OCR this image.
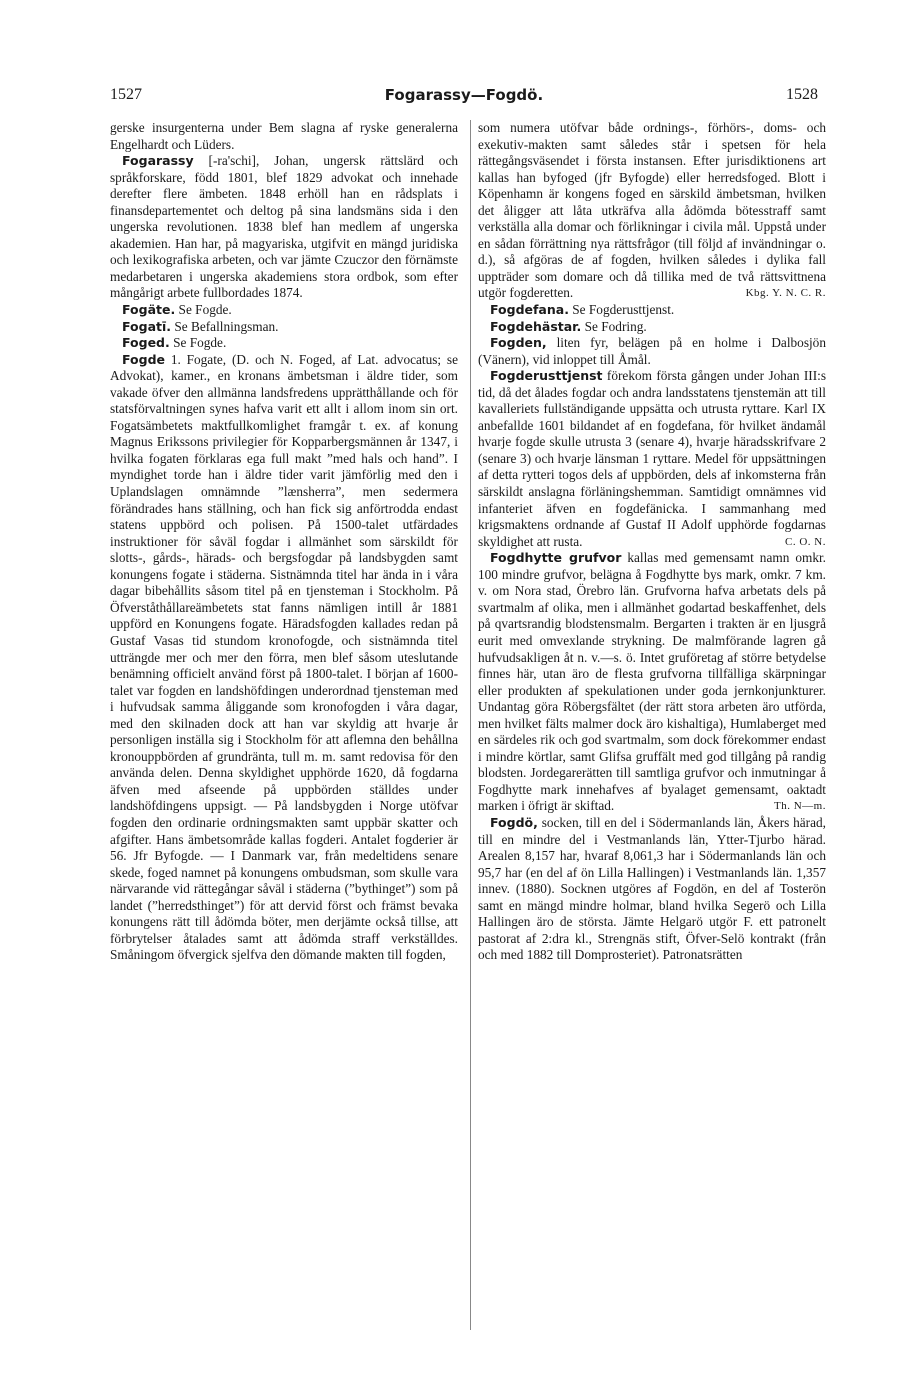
1527	Fogarassy—Fogdö.	1528

gerske insurgenterna under Bem slagna af ryske generalerna Engelhardt och Lüders.

Fogarassy [-ra'schi], Johan, ungersk rättslärd och språkforskare, född 1801, blef 1829 advokat och innehade derefter flere ämbeten. 1848 erhöll han en rådsplats i finansdepartementet och deltog på sina landsmäns sida i den ungerska revolutionen. 1838 blef han medlem af ungerska akademien. Han har, på magyariska, utgifvit en mängd juridiska och lexikografiska arbeten, och var jämte Czuczor den förnämste medarbetaren i ungerska akademiens stora ordbok, som efter mångårigt arbete fullbordades 1874.

Fogäte. Se Fogde.

Fogatī. Se Befallningsman.

Foged. Se Fogde.

Fogde 1. Fogate, (D. och N. Foged, af Lat. advocatus; se Advokat), kamer., en kronans ämbetsman i äldre tider, som vakade öfver den allmänna landsfredens upprätthållande och för statsförvaltningen synes hafva varit ett allt i allom inom sin ort. Fogatsämbetets maktfullkomlighet framgår t. ex. af konung Magnus Erikssons privilegier för Kopparbergsmännen år 1347, i hvilka fogaten förklaras ega full makt ”med hals och hand”. I myndighet torde han i äldre tider varit jämförlig med den i Uplandslagen omnämnde ”lænsherra”, men sedermera förändrades hans ställning, och han fick sig anförtrodda endast statens uppbörd och polisen. På 1500-talet utfärdades instruktioner för såväl fogdar i allmänhet som särskildt för slotts-, gårds-, härads- och bergsfogdar på landsbygden samt konungens fogate i städerna. Sistnämnda titel har ända in i våra dagar bibehållits såsom titel på en tjensteman i Stockholm. På Öfverståthållareämbetets stat fanns nämligen intill år 1881 uppförd en Konungens fogate. Häradsfogden kallades redan på Gustaf Vasas tid stundom kronofogde, och sistnämnda titel utträngde mer och mer den förra, men blef såsom uteslutande benämning officielt använd först på 1800-talet. I början af 1600-talet var fogden en landshöfdingen underordnad tjensteman med i hufvudsak samma åliggande som kronofogden i våra dagar, med den skilnaden dock att han var skyldig att hvarje år personligen inställa sig i Stockholm för att aflemna den behållna kronouppbörden af grundränta, tull m. m. samt redovisa för den använda delen. Denna skyldighet upphörde 1620, då fogdarna äfven med afseende på uppbörden ställdes under landshöfdingens uppsigt. — På landsbygden i Norge utöfvar fogden den ordinarie ordningsmakten samt uppbär skatter och afgifter. Hans ämbetsområde kallas fogderi. Antalet fogderier är 56. Jfr Byfogde. — I Danmark var, från medeltidens senare skede, foged namnet på konungens ombudsman, som skulle vara närvarande vid rättegångar såväl i städerna (”bythinget”) som på landet (”herredsthinget”) för att dervid först och främst bevaka konungens rätt till ådömda böter, men derjämte också tillse, att förbrytelser åtalades samt att ådömda straff verkställdes. Småningom öfvergick sjelfva den dömande makten till fogden,

som numera utöfvar både ordnings-, förhörs-, doms- och exekutiv-makten samt således står i spetsen för hela rättegångsväsendet i första instansen. Efter jurisdiktionens art kallas han byfoged (jfr Byfogde) eller herredsfoged. Blott i Köpenhamn är kongens foged en särskild ämbetsman, hvilken det åligger att låta utkräfva alla ådömda bötesstraff samt verkställa alla domar och förlikningar i civila mål. Uppstå under en sådan förrättning nya rättsfrågor (till följd af invändningar o. d.), så afgöras de af fogden, hvilken således i dylika fall uppträder som domare och då tillika med de två rättsvittnena utgör fogderetten.	Kbg. Y. N. C. R.

Fogdefana. Se Fogderusttjenst.

Fogdehästar. Se Fodring.

Fogden, liten fyr, belägen på en holme i Dalbosjön (Vänern), vid inloppet till Åmål.

Fogderusttjenst förekom första gången under Johan III:s tid, då det ålades fogdar och andra landsstatens tjenstemän att till kavalleriets fullständigande uppsätta och utrusta ryttare. Karl IX anbefallde 1601 bildandet af en fogdefana, för hvilket ändamål hvarje fogde skulle utrusta 3 (senare 4), hvarje häradsskrifvare 2 (senare 3) och hvarje länsman 1 ryttare. Medel för uppsättningen af detta rytteri togos dels af uppbörden, dels af inkomsterna från särskildt anslagna förläningshemman. Samtidigt omnämnes vid infanteriet äfven en fogdefänicka. I sammanhang med krigsmaktens ordnande af Gustaf II Adolf upphörde fogdarnas skyldighet att rusta.	C. O. N.

Fogdhytte grufvor kallas med gemensamt namn omkr. 100 mindre grufvor, belägna å Fogdhytte bys mark, omkr. 7 km. v. om Nora stad, Örebro län. Grufvorna hafva arbetats dels på svartmalm af olika, men i allmänhet godartad beskaffenhet, dels på qvartsrandig blodstensmalm. Bergarten i trakten är en ljusgrå eurit med omvexlande strykning. De malmförande lagren gå hufvudsakligen åt n. v.—s. ö. Intet gruföretag af större betydelse finnes här, utan äro de flesta grufvorna tillfälliga skärpningar eller produkten af spekulationen under goda jernkonjunkturer. Undantag göra Röbergsfältet (der rätt stora arbeten äro utförda, men hvilket fälts malmer dock äro kishaltiga), Humlaberget med en särdeles rik och god svartmalm, som dock förekommer endast i mindre körtlar, samt Glifsa gruffält med god tillgång på randig blodsten. Jordegarerätten till samtliga grufvor och inmutningar å Fogdhytte mark innehafves af byalaget gemensamt, oaktadt marken i öfrigt är skiftad.	Th. N—m.

Fogdö, socken, till en del i Södermanlands län, Åkers härad, till en mindre del i Vestmanlands län, Ytter-Tjurbo härad. Arealen 8,157 har, hvaraf 8,061,3 har i Södermanlands län och 95,7 har (en del af ön Lilla Hallingen) i Vestmanlands län. 1,357 innev. (1880). Socknen utgöres af Fogdön, en del af Tosterön samt en mängd mindre holmar, bland hvilka Segerö och Lilla Hallingen äro de största. Jämte Helgarö utgör F. ett patronelt pastorat af 2:dra kl., Strengnäs stift, Öfver-Selö kontrakt (från och med 1882 till Domprosteriet). Patronatsrätten
